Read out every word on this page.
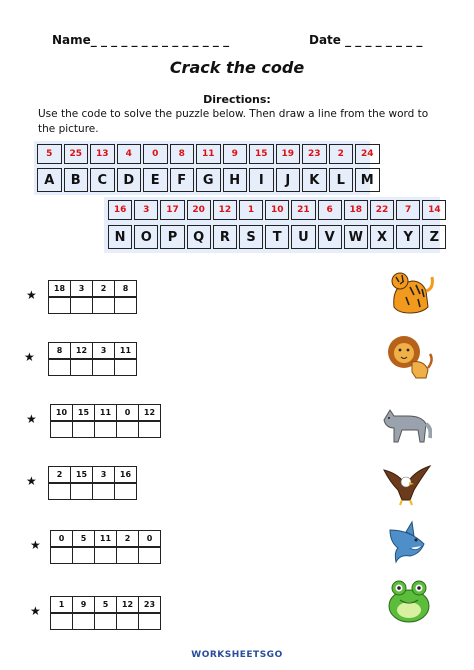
Name_ _ _ _ _ _ _ _ _ _ _ _ _ _	Date _ _ _ _ _ _ _ _
Crack the code
Directions:
Use the code to solve the puzzle below. Then draw a line from the word to the picture.
5	25	13	4	0	8	11	9	15	19	23	2	24
A	B	C	D	E	F	G	H	I	J	K	L	M
16	3	17	20	12	1	10	21	6	18	22	7	14
N	O	P	Q	R	S	T	U	V	W	X	Y	Z
★	18	3	2	8
★	8	12	3	11
★	10	15	11	0	12
★	2	15	3	16
★	0	5	11	2	0
★	1	9	5	12	23
WORKSHEETSGO
